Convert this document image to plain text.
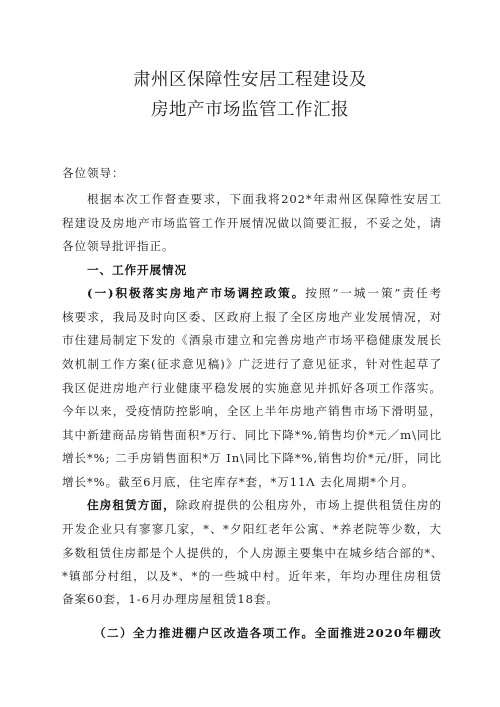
肃州区保障性安居工程建设及
房地产市场监管工作汇报
各位领导：
根据本次工作督查要求，下面我将202*年肃州区保障性安居工
程建设及房地产市场监管工作开展情况做以简要汇报，不妥之处，请
各位领导批评指正。
一、工作开展情况
(一)积极落实房地产市场调控政策。按照“一城一策”责任考
核要求，我局及时向区委、区政府上报了全区房地产业发展情况，对
市住建局制定下发的《酒泉市建立和完善房地产市场平稳健康发展长
效机制工作方案(征求意见稿)》广泛进行了意见征求，针对性起草了
我区促进房地产行业健康平稳发展的实施意见并抓好各项工作落实。
今年以来，受疫情防控影响，全区上半年房地产销售市场下滑明显，
其中新建商品房销售面积*万行、同比下降*%,销售均价*元／m\同比
增长*%; 二手房销售面积*万 In\同比下降*%,销售均价*元/肝，同比
增长*%。截至6月底，住宅库存*套，*万11Λ 去化周期*个月。
住房租赁方面，除政府提供的公租房外，市场上提供租赁住房的
开发企业只有寥寥几家，*、*夕阳红老年公寓、*养老院等少数，大
多数租赁住房都是个人提供的，个人房源主要集中在城乡结合部的*、
*镇部分村组，以及*、*的一些城中村。近年来，年均办理住房租赁
备案60套，1-6月办理房屋租赁18套。
（二）全力推进棚户区改造各项工作。全面推进2020年棚改
